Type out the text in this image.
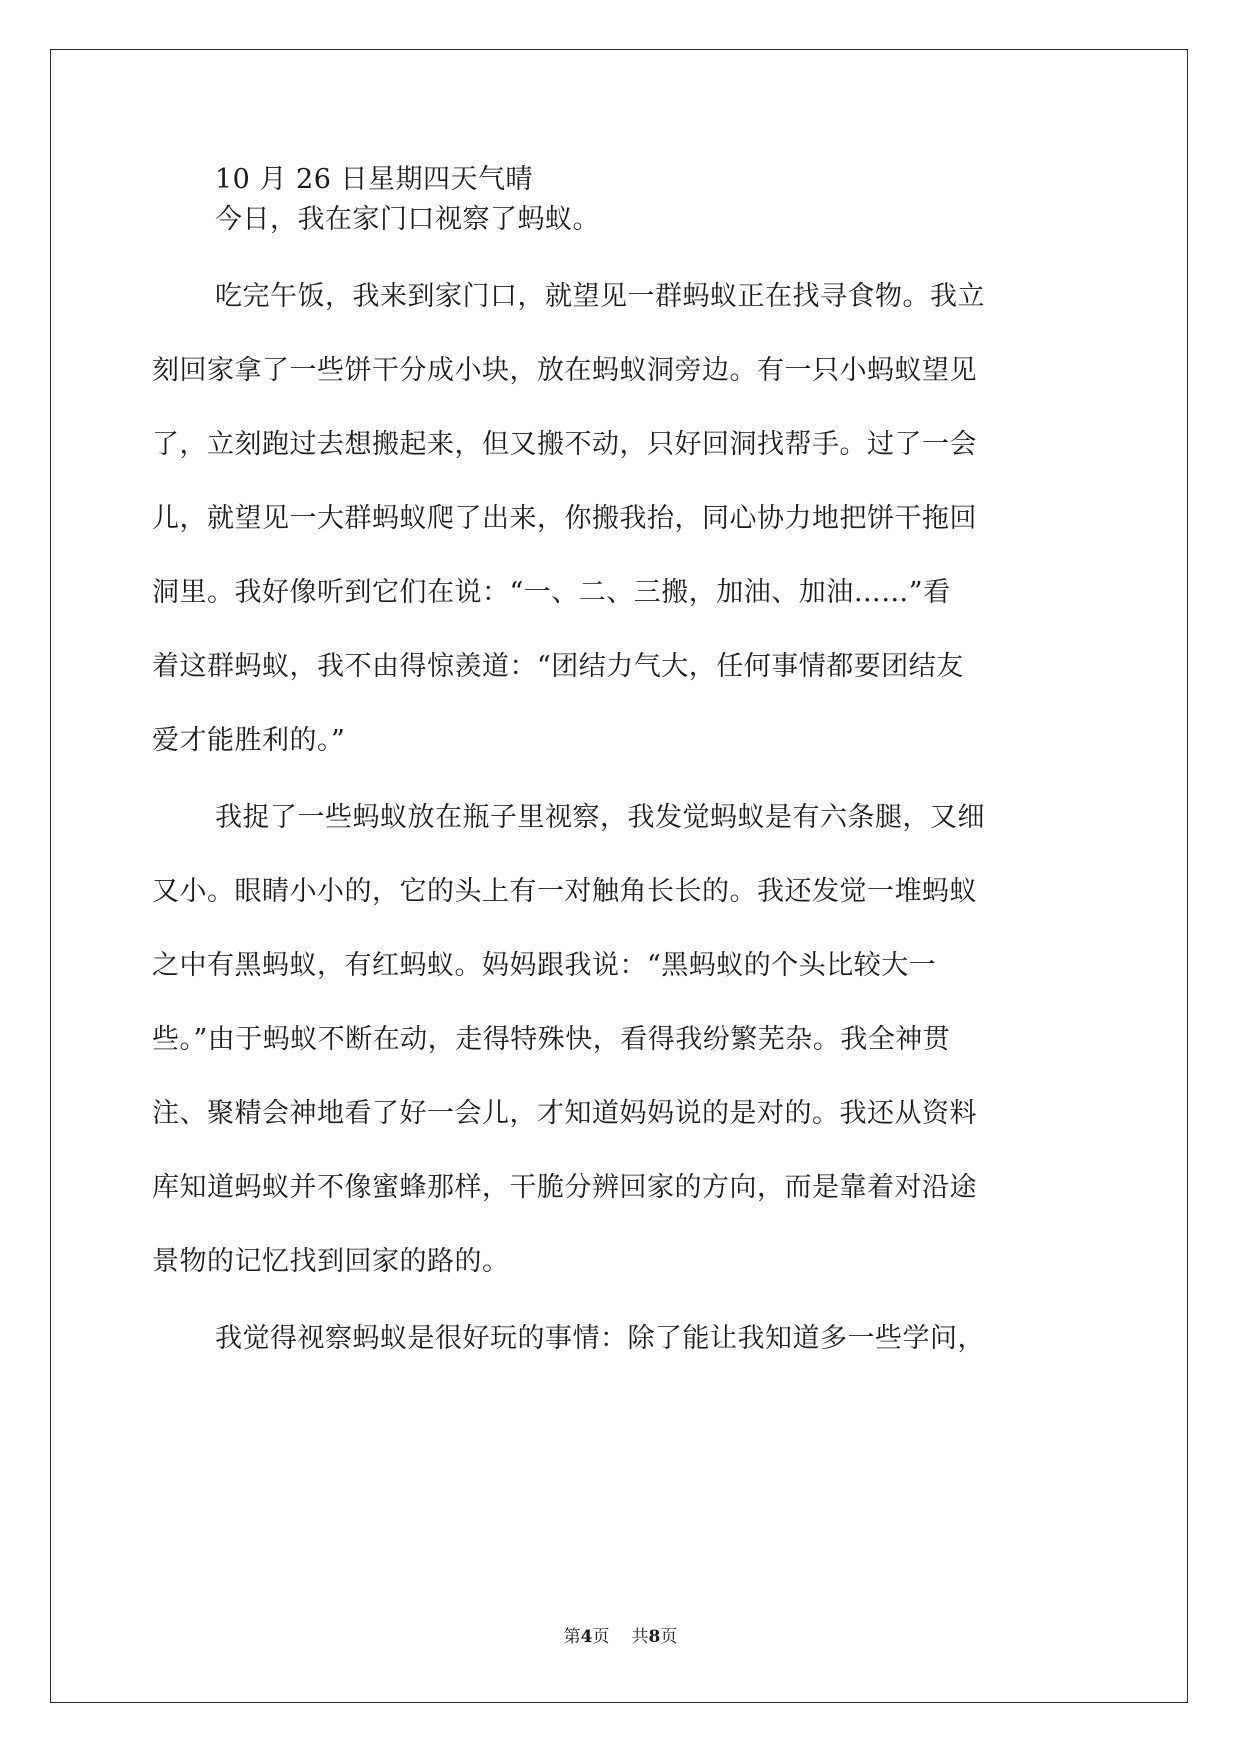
10 月 26 日星期四天气晴
今日，我在家门口视察了蚂蚁。
吃完午饭，我来到家门口，就望见一群蚂蚁正在找寻食物。我立
刻回家拿了一些饼干分成小块，放在蚂蚁洞旁边。有一只小蚂蚁望见
了，立刻跑过去想搬起来，但又搬不动，只好回洞找帮手。过了一会
儿，就望见一大群蚂蚁爬了出来，你搬我抬，同心协力地把饼干拖回
洞里。我好像听到它们在说：“一、二、三搬，加油、加油……”看
着这群蚂蚁，我不由得惊羡道：“团结力气大，任何事情都要团结友
爱才能胜利的。”
我捉了一些蚂蚁放在瓶子里视察，我发觉蚂蚁是有六条腿，又细
又小。眼睛小小的，它的头上有一对触角长长的。我还发觉一堆蚂蚁
之中有黑蚂蚁，有红蚂蚁。妈妈跟我说：“黑蚂蚁的个头比较大一
些。”由于蚂蚁不断在动，走得特殊快，看得我纷繁芜杂。我全神贯
注、聚精会神地看了好一会儿，才知道妈妈说的是对的。我还从资料
库知道蚂蚁并不像蜜蜂那样，干脆分辨回家的方向，而是靠着对沿途
景物的记忆找到回家的路的。
我觉得视察蚂蚁是很好玩的事情：除了能让我知道多一些学问，
第4页 共8页
